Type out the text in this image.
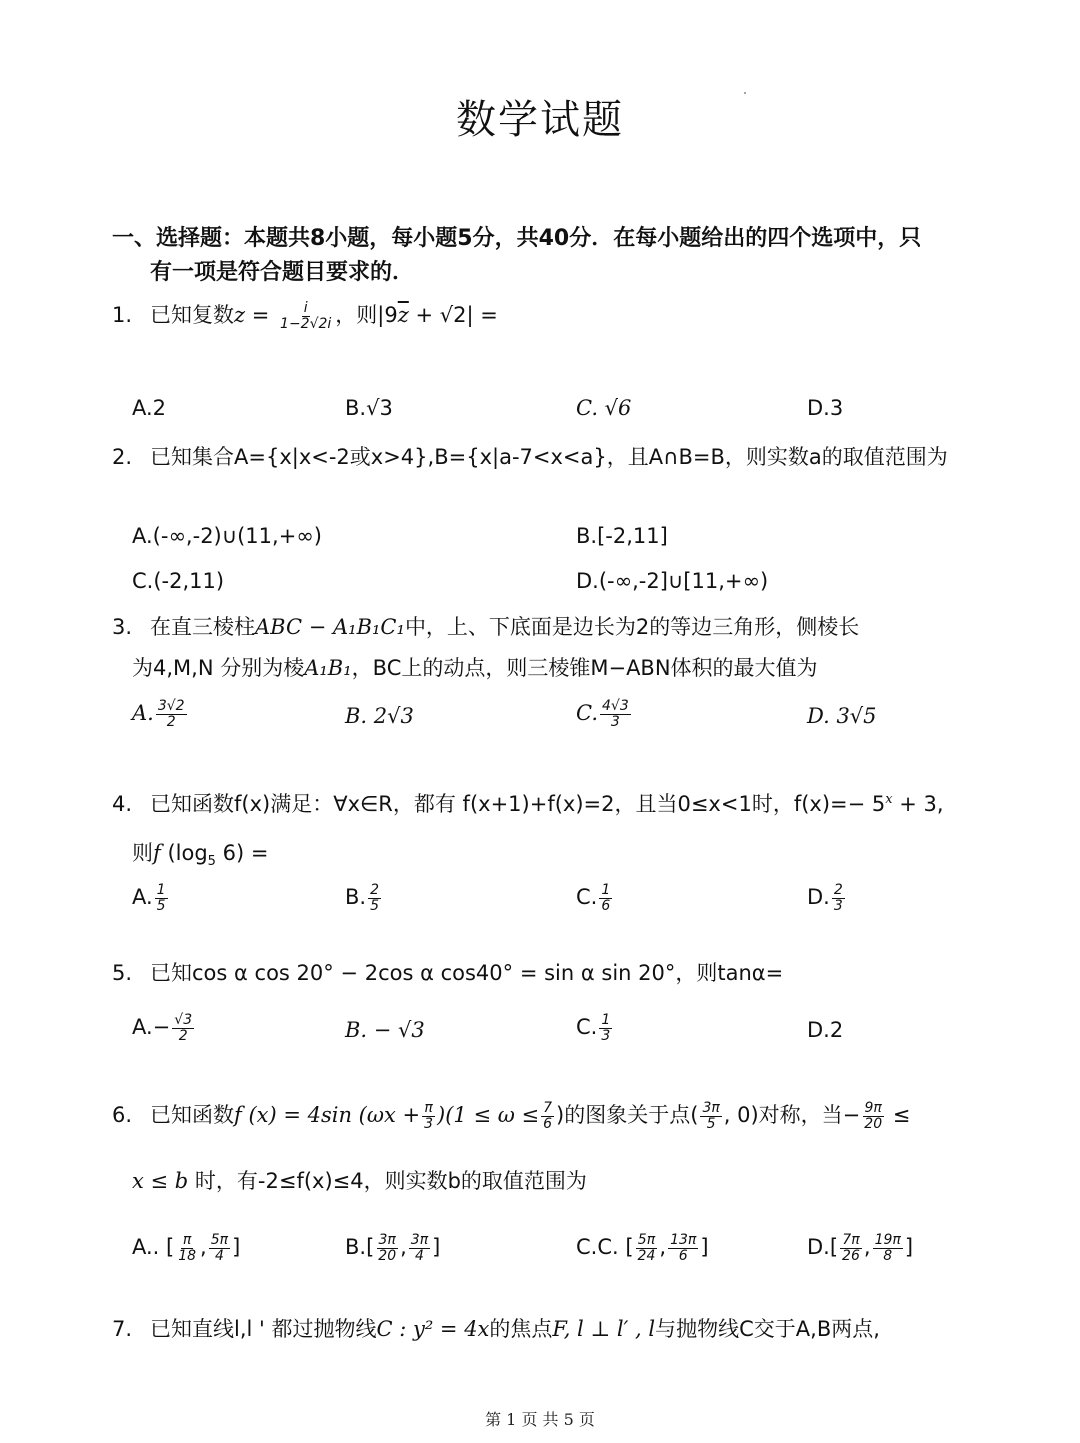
数学试题
一、选择题：本题共8小题，每小题5分，共40分．在每小题给出的四个选项中，只
有一项是符合题目要求的．
1. 已知复数$z = \frac{i}{1-2√2i}$ ，则$|9\overline{z} + √2|$ =
A.2	B.√3	C. √6	D.3
2. 已知集合A={x|x<-2或x>4},B={x|a-7<x<a}，且A∩B=B，则实数a的取值范围为
A.(-∞,-2)∪(11,+∞)	B.[-2,11]
C.(-2,11)	D.(-∞,-2]∪[11,+∞)
3. 在直三棱柱ABC − A₁B₁C₁中，上、下底面是边长为2的等边三角形，侧棱长
为4,M,N 分别为棱A₁B₁，BC上的动点，则三棱锥M−ABN体积的最大值为
A. $\frac{3√2}{2}$	B. 2√3	C. $\frac{4√3}{3}$	D. 3√5
4. 已知函数f(x)满足：∀x∈R，都有 f(x+1)+f(x)=2，且当0≤x<1时，$f(x)=- 5^x + 3$,
则f ($\log_5$ 6) =
A. $\frac{1}{5}$	B. $\frac{2}{5}$	C. $\frac{1}{6}$	D. $\frac{2}{3}$
5. 已知cos α cos 20° − 2cos α cos40° = sin α sin 20°，则tanα=
$A.- \frac{√3}{2}$	B. − √3	C. $\frac{1}{3}$	D.2
6. 已知函数f (x) = 4sin $(\omega x + \frac{\pi}{3} )(1 \le \omega \le \frac{7}{6}$ )的图象关于点( $\frac{3\pi}{5}$ , 0)对称，当− $\frac{9\pi}{20}$ ≤
x ≤ b 时，有-2≤f(x)≤4，则实数b的取值范围为
A.. [ $\frac{\pi}{18}$ , $\frac{5\pi}{4}$ ]	$B.[ \frac{3\pi}{20}$ , $\frac{3\pi}{4}$ ]	C.C. [ $\frac{5\pi}{24}$ , $\frac{13\pi}{6}$ ]	$D.[ \frac{7\pi}{26}$ , $\frac{19\pi}{8}$ ]
7. 已知直线l,l ' 都过抛物线C : y² = 4x的焦点F, l ⊥ l′ , l与抛物线C交于A,B两点,
第 1 页 共 5 页
